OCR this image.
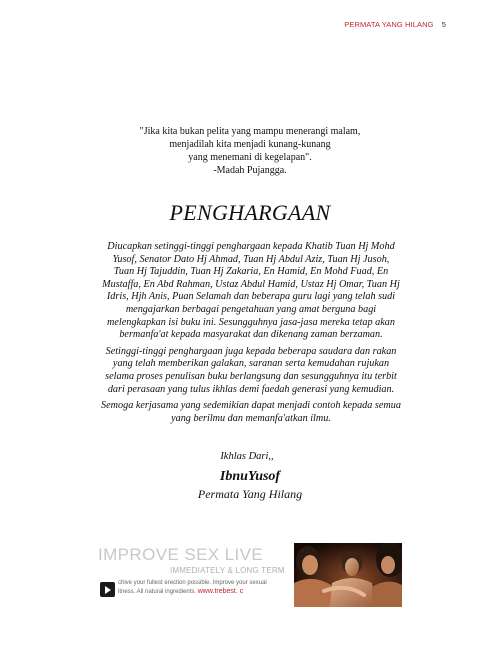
PERMATA YANG HILANG 5
"Jika kita bukan pelita yang mampu menerangi malam,
menjadilah kita menjadi kunang-kunang
yang menemani di kegelapan".
-Madah Pujangga.
PENGHARGAAN
Diucapkan setinggi-tinggi penghargaan kepada Khatib Tuan Hj Mohd
Yusof, Senator Dato Hj Ahmad, Tuan Hj Abdul Aziz, Tuan Hj Jusoh,
Tuan Hj Tajuddin, Tuan Hj Zakaria, En Hamid, En Mohd Fuad, En
Mustaffa, En Abd Rahman, Ustaz Abdul Hamid, Ustaz Hj Omar, Tuan Hj
Idris, Hjh Anis, Puan Selamah dan beberapa guru lagi yang telah sudi
mengajarkan berbagai pengetahuan yang amat berguna bagi
melengkapkan isi buku ini. Sesungguhnya jasa-jasa mereka tetap akan
bermanfa'at kepada masyarakat dan dikenang zaman berzaman.
Setinggi-tinggi penghargaan juga kepada beberapa saudara dan rakan
yang telah memberikan galakan, saranan serta kemudahan rujukan
selama proses penulisan buku berlangsung dan sesungguhnya itu terbit
dari perasaan yang tulus ikhlas demi faedah generasi yang kemudian.
Semoga kerjasama yang sedemikian dapat menjadi contoh kepada semua
yang berilmu dan memanfa'atkan ilmu.
Ikhlas Dari,,
IbnuYusof
Permata Yang Hilang
IMPROVE SEX LIVE
IMMEDIATELY & LONG TERM
chive your fullest erection possible. Improve your sexual
itness. All natural ingredients. www.trebest. c
